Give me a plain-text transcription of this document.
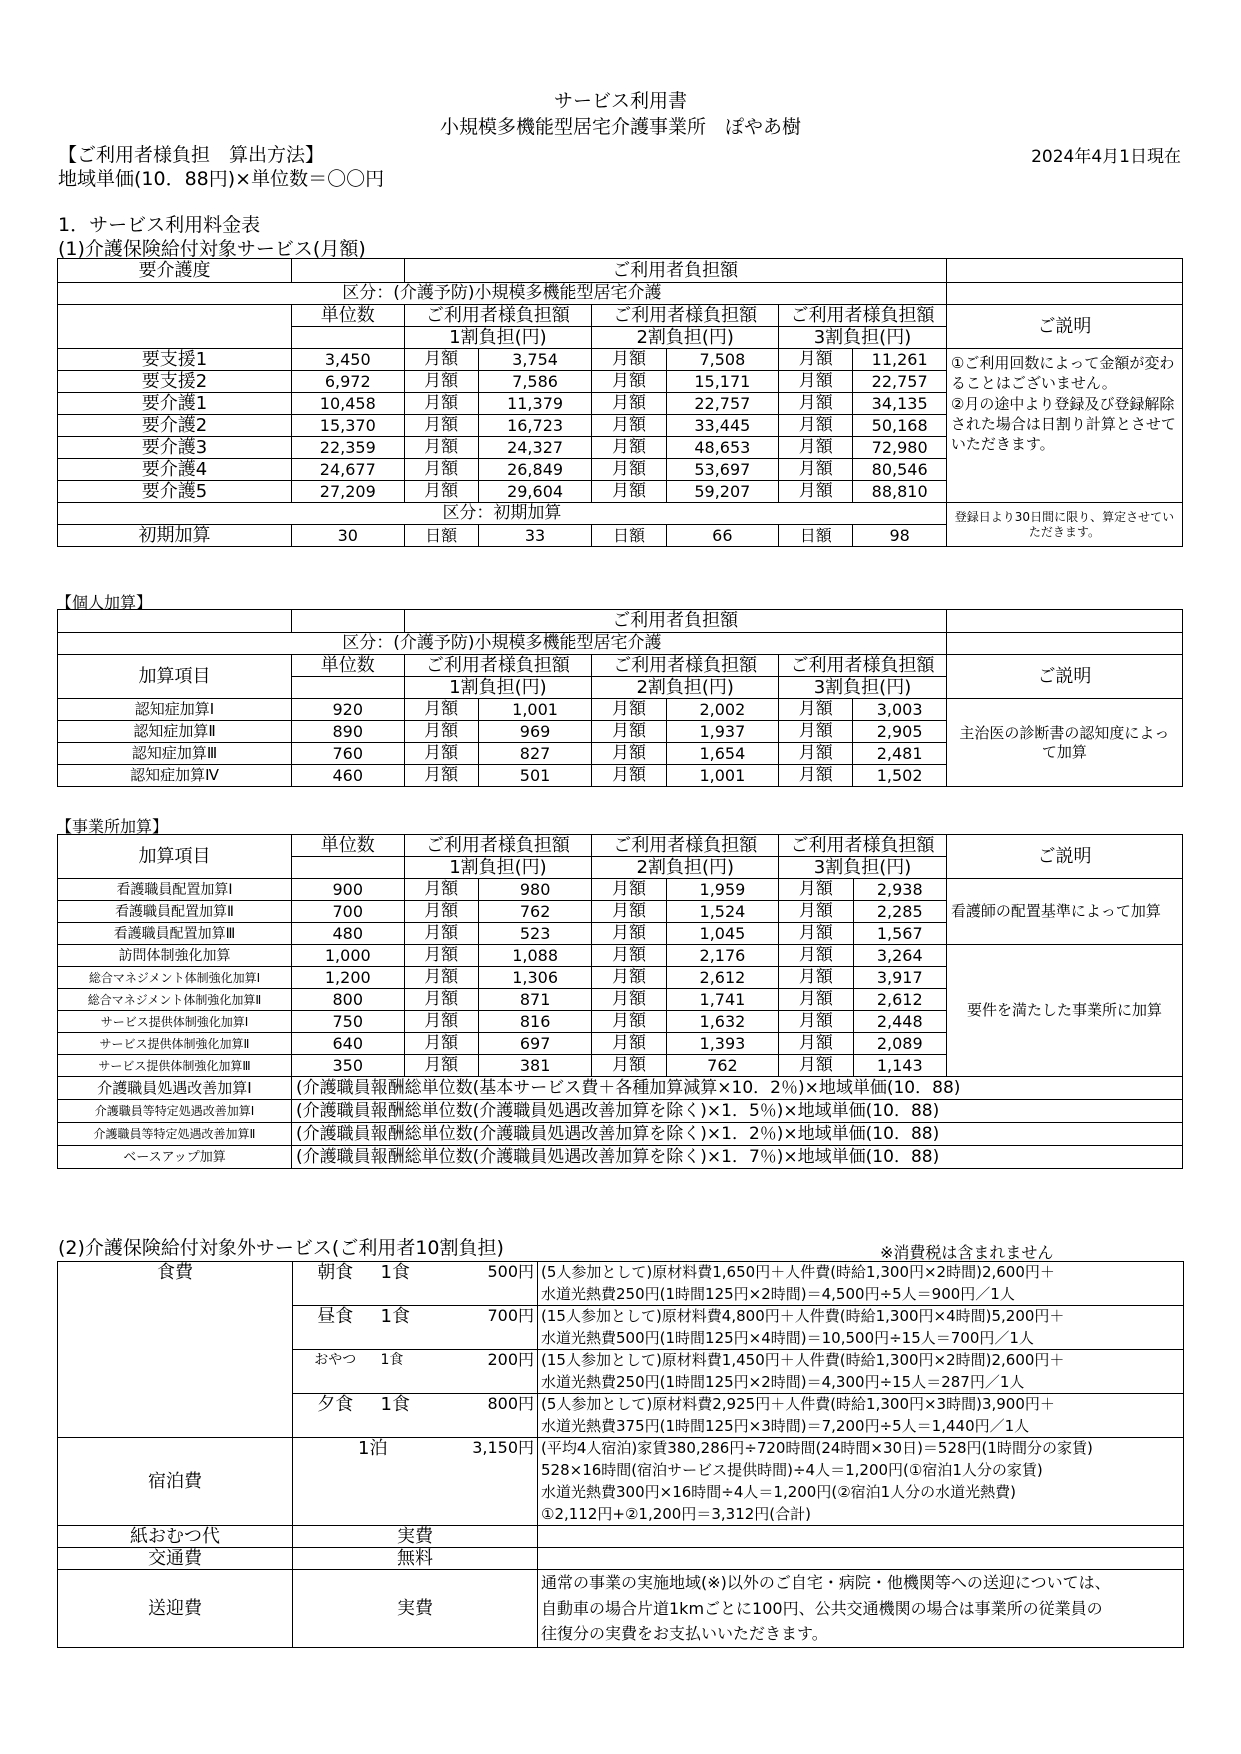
サービス利用書
小規模多機能型居宅介護事業所　ぽやあ樹
【ご利用者様負担　算出方法】	2024年4月1日現在
地域単価(10．88円)×単位数＝〇〇円
1．サービス利用料金表
(1)介護保険給付対象サービス(月額)
要介護度		ご利用者負担額						
区分：(介護予防)小規模多機能型居宅介護								
	単位数	ご利用者様負担額		ご利用者様負担額		ご利用者様負担額		ご説明
		1割負担(円)		2割負担(円)		3割負担(円)		
要支援1	3,450	月額	3,754	月額	7,508	月額	11,261	①ご利用回数によって金額が変わることはございません。
②月の途中より登録及び登録解除された場合は日割り計算とさせていただきます。
要支援2	6,972	月額	7,586	月額	15,171	月額	22,757	
要介護1	10,458	月額	11,379	月額	22,757	月額	34,135	
要介護2	15,370	月額	16,723	月額	33,445	月額	50,168	
要介護3	22,359	月額	24,327	月額	48,653	月額	72,980	
要介護4	24,677	月額	26,849	月額	53,697	月額	80,546	
要介護5	27,209	月額	29,604	月額	59,207	月額	88,810	
区分：初期加算								登録日より30日間に限り、算定させていただきます。
初期加算	30	日額	33	日額	66	日額	98	
【個人加算】
		ご利用者負担額						
区分：(介護予防)小規模多機能型居宅介護								
加算項目	単位数	ご利用者様負担額		ご利用者様負担額		ご利用者様負担額		ご説明
		1割負担(円)		2割負担(円)		3割負担(円)		
認知症加算Ⅰ	920	月額	1,001	月額	2,002	月額	3,003	主治医の診断書の認知度によって加算
認知症加算Ⅱ	890	月額	969	月額	1,937	月額	2,905	
認知症加算Ⅲ	760	月額	827	月額	1,654	月額	2,481	
認知症加算Ⅳ	460	月額	501	月額	1,001	月額	1,502	
【事業所加算】
加算項目	単位数	ご利用者様負担額		ご利用者様負担額		ご利用者様負担額		ご説明
		1割負担(円)		2割負担(円)		3割負担(円)		
看護職員配置加算Ⅰ	900	月額	980	月額	1,959	月額	2,938	看護師の配置基準によって加算
看護職員配置加算Ⅱ	700	月額	762	月額	1,524	月額	2,285	
看護職員配置加算Ⅲ	480	月額	523	月額	1,045	月額	1,567	
訪問体制強化加算	1,000	月額	1,088	月額	2,176	月額	3,264	要件を満たした事業所に加算
総合マネジメント体制強化加算Ⅰ	1,200	月額	1,306	月額	2,612	月額	3,917	
総合マネジメント体制強化加算Ⅱ	800	月額	871	月額	1,741	月額	2,612	
サービス提供体制強化加算Ⅰ	750	月額	816	月額	1,632	月額	2,448	
サービス提供体制強化加算Ⅱ	640	月額	697	月額	1,393	月額	2,089	
サービス提供体制強化加算Ⅲ	350	月額	381	月額	762	月額	1,143	
介護職員処遇改善加算Ⅰ	(介護職員報酬総単位数(基本サービス費＋各種加算減算×10．2％)×地域単価(10．88)							
介護職員等特定処遇改善加算Ⅰ	(介護職員報酬総単位数(介護職員処遇改善加算を除く)×1．5％)×地域単価(10．88)							
介護職員等特定処遇改善加算Ⅱ	(介護職員報酬総単位数(介護職員処遇改善加算を除く)×1．2％)×地域単価(10．88)							
ベースアップ加算	(介護職員報酬総単位数(介護職員処遇改善加算を除く)×1．7％)×地域単価(10．88)							
(2)介護保険給付対象外サービス(ご利用者10割負担)	※消費税は含まれません
食費	朝食	1食	500円	(5人参加として)原材料費1,650円＋人件費(時給1,300円×2時間)2,600円＋
				水道光熱費250円(1時間125円×2時間)＝4,500円÷5人＝900円／1人
	昼食	1食	700円	(15人参加として)原材料費4,800円＋人件費(時給1,300円×4時間)5,200円＋
				水道光熱費500円(1時間125円×4時間)＝10,500円÷15人＝700円／1人
	おやつ	1食	200円	(15人参加として)原材料費1,450円＋人件費(時給1,300円×2時間)2,600円＋
				水道光熱費250円(1時間125円×2時間)＝4,300円÷15人＝287円／1人
	夕食	1食	800円	(5人参加として)原材料費2,925円＋人件費(時給1,300円×3時間)3,900円＋
				水道光熱費375円(1時間125円×3時間)＝7,200円÷5人＝1,440円／1人
宿泊費	1泊		3,150円	(平均4人宿泊)家賃380,286円÷720時間(24時間×30日)＝528円(1時間分の家賃)
				528×16時間(宿泊サービス提供時間)÷4人＝1,200円(①宿泊1人分の家賃)
				水道光熱費300円×16時間÷4人＝1,200円(②宿泊1人分の水道光熱費)
				①2,112円+②1,200円＝3,312円(合計)
紙おむつ代	実費			
交通費	無料			
送迎費	実費			通常の事業の実施地域(※)以外のご自宅・病院・他機関等への送迎については、
				自動車の場合片道1kmごとに100円、公共交通機関の場合は事業所の従業員の
				往復分の実費をお支払いいただきます。
